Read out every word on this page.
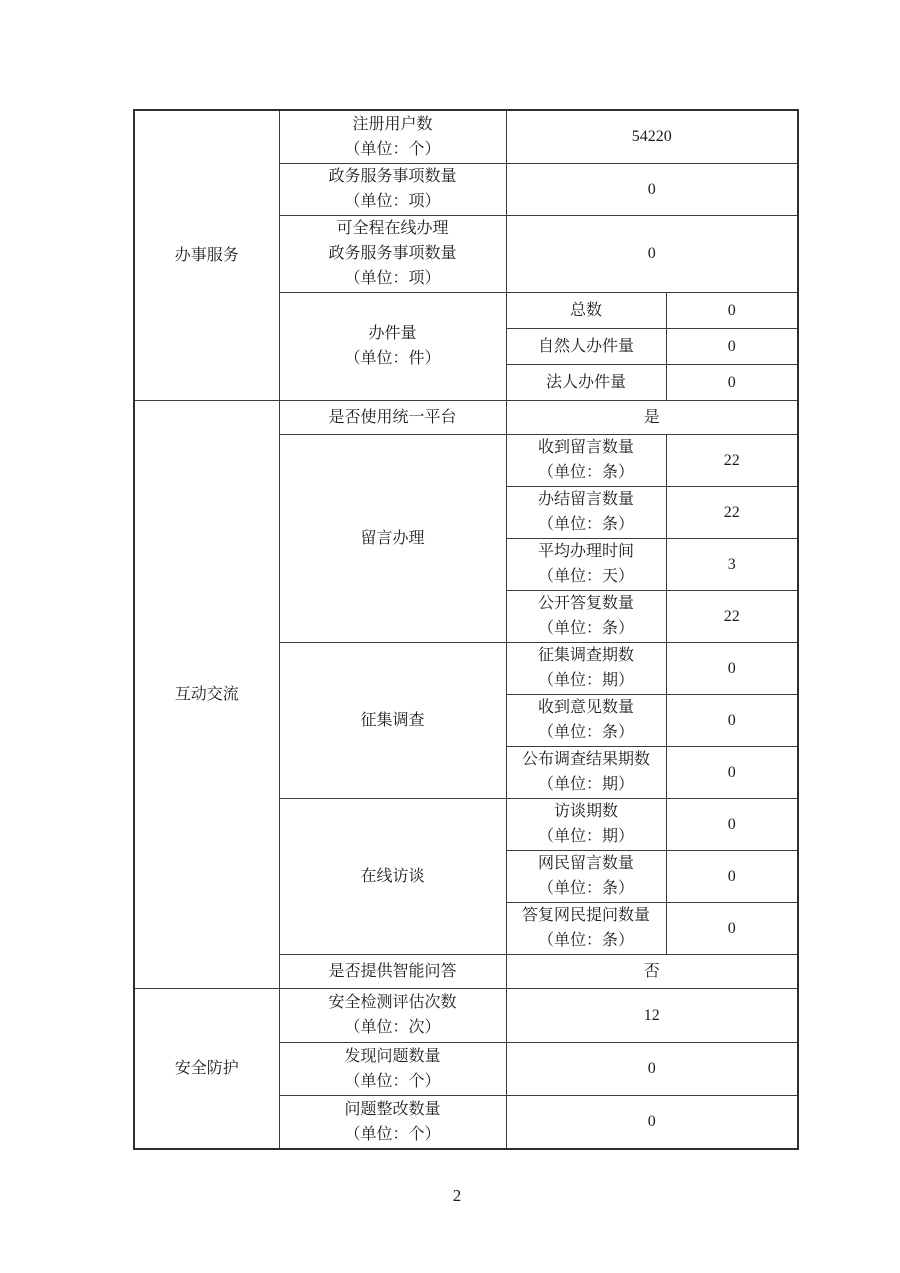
办事服务	注册用户数
（单位：个）	54220	

	政务服务事项数量
（单位：项）	0	

	可全程在线办理
政务服务事项数量
（单位：项）	0	

	办件量
（单位：件）	总数	0
		自然人办件量	0
		法人办件量	0
互动交流	是否使用统一平台	是	
	留言办理	收到留言数量
（单位：条）	22

		办结留言数量
（单位：条）	22

		平均办理时间
（单位：天）	3

		公开答复数量
（单位：条）	22
	征集调查	征集调查期数
（单位：期）	0

		收到意见数量
（单位：条）	0

		公布调查结果期数
（单位：期）	0
	在线访谈	访谈期数
（单位：期）	0

		网民留言数量
（单位：条）	0

		答复网民提问数量
（单位：条）	0
	是否提供智能问答	否	
安全防护	安全检测评估次数
（单位：次）	12	

	发现问题数量
（单位：个）	0	

	问题整改数量
（单位：个）	0	
2
